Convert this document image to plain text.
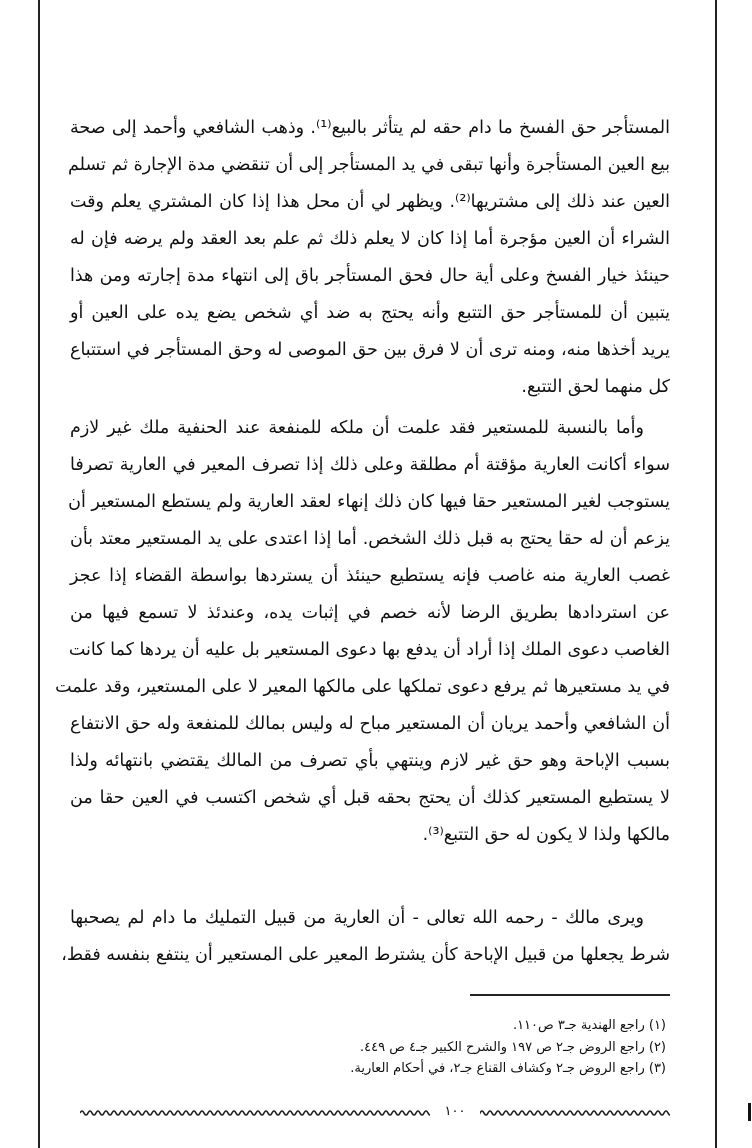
المستأجر حق الفسخ ما دام حقه لم يتأثر بالبيع⁽¹⁾. وذهب الشافعي وأحمد إلى صحة
بيع العين المستأجرة وأنها تبقى في يد المستأجر إلى أن تنقضي مدة الإجارة ثم تسلم
العين عند ذلك إلى مشتريها⁽²⁾. ويظهر لي أن محل هذا إذا كان المشتري يعلم وقت
الشراء أن العين مؤجرة أما إذا كان لا يعلم ذلك ثم علم بعد العقد ولم يرضه فإن له
حينئذ خيار الفسخ وعلى أية حال فحق المستأجر باق إلى انتهاء مدة إجارته ومن هذا
يتبين أن للمستأجر حق التتبع وأنه يحتج به ضد أي شخص يضع يده على العين أو
يريد أخذها منه، ومنه ترى أن لا فرق بين حق الموصى له وحق المستأجر في استتباع
كل منهما لحق التتبع.
وأما بالنسبة للمستعير فقد علمت أن ملكه للمنفعة عند الحنفية ملك غير لازم
سواء أكانت العارية مؤقتة أم مطلقة وعلى ذلك إذا تصرف المعير في العارية تصرفا
يستوجب لغير المستعير حقا فيها كان ذلك إنهاء لعقد العارية ولم يستطع المستعير أن
يزعم أن له حقا يحتج به قبل ذلك الشخص. أما إذا اعتدى على يد المستعير معتد بأن
غصب العارية منه غاصب فإنه يستطيع حينئذ أن يستردها بواسطة القضاء إذا عجز
عن استردادها بطريق الرضا لأنه خصم في إثبات يده، وعندئذ لا تسمع فيها من
الغاصب دعوى الملك إذا أراد أن يدفع بها دعوى المستعير بل عليه أن يردها كما كانت
في يد مستعيرها ثم يرفع دعوى تملكها على مالكها المعير لا على المستعير، وقد علمت
أن الشافعي وأحمد يريان أن المستعير مباح له وليس بمالك للمنفعة وله حق الانتفاع
بسبب الإباحة وهو حق غير لازم وينتهي بأي تصرف من المالك يقتضي بانتهائه ولذا
لا يستطيع المستعير كذلك أن يحتج بحقه قبل أي شخص اكتسب في العين حقا من
مالكها ولذا لا يكون له حق التتبع⁽³⁾.
ويرى مالك - رحمه الله تعالى - أن العارية من قبيل التمليك ما دام لم يصحبها
شرط يجعلها من قبيل الإباحة كأن يشترط المعير على المستعير أن ينتفع بنفسه فقط،
(١) راجع الهندية جـ٣ ص١١٠.
(٢) راجع الروض جـ٢ ص ١٩٧ والشرح الكبير جـ٤ ص ٤٤٩.
(٣) راجع الروض جـ٢ وكشاف القناع جـ٢، في أحكام العارية.
١٠٠
